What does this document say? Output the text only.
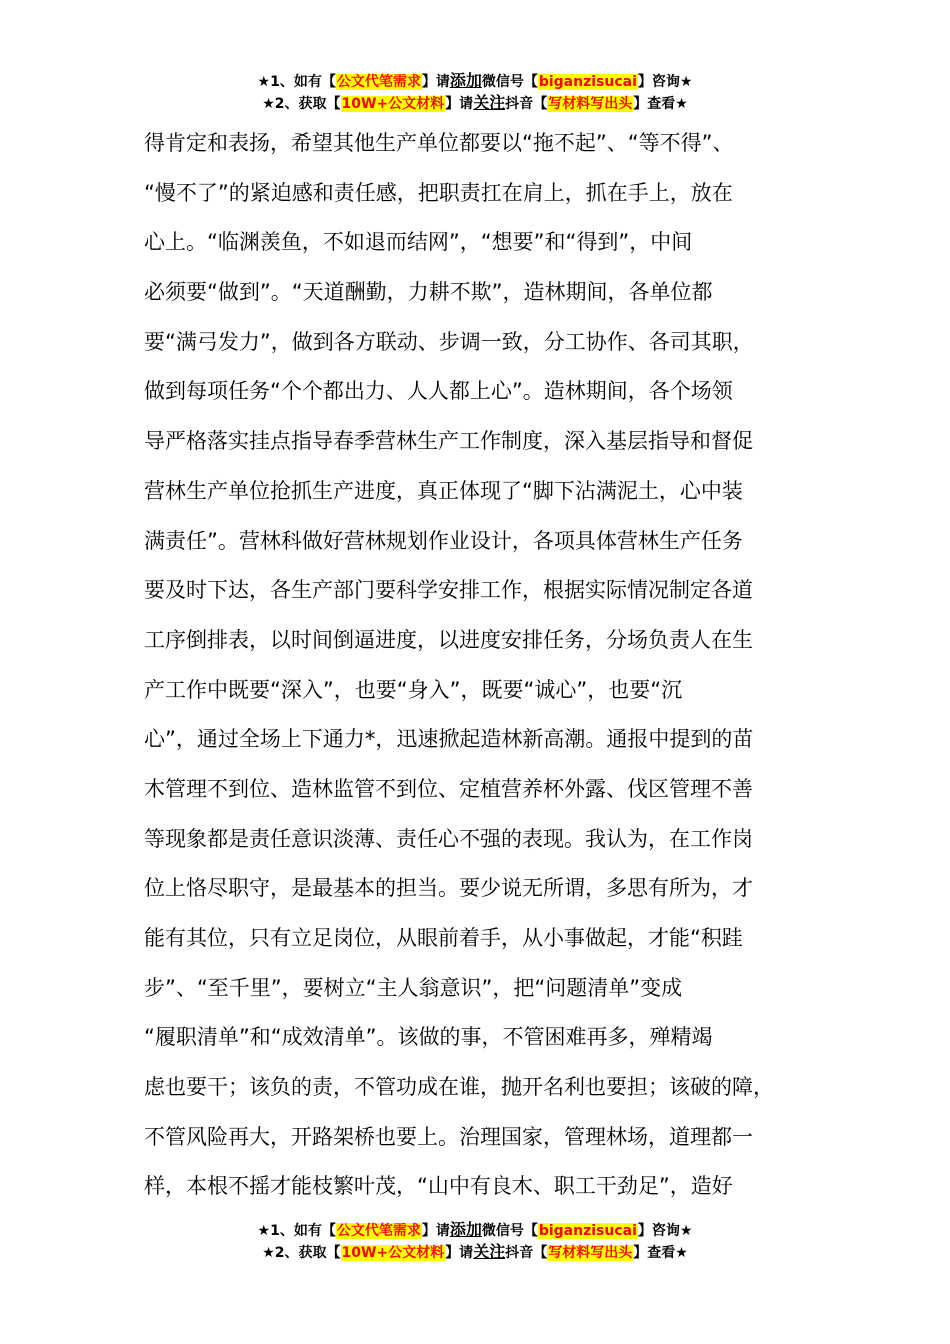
★1、如有【公文代笔需求】请添加微信号【biganzisucai】咨询★
★2、获取【10W+公文材料】请关注抖音【写材料写出头】查看★
得肯定和表扬，希望其他生产单位都要以“拖不起”、“等不得”、
“慢不了”的紧迫感和责任感，把职责扛在肩上，抓在手上，放在
心上。“临渊羡鱼，不如退而结网”，“想要”和“得到”，中间
必须要“做到”。“天道酬勤，力耕不欺”，造林期间，各单位都
要“满弓发力”，做到各方联动、步调一致，分工协作、各司其职，
做到每项任务“个个都出力、人人都上心”。造林期间，各个场领
导严格落实挂点指导春季营林生产工作制度，深入基层指导和督促
营林生产单位抢抓生产进度，真正体现了“脚下沾满泥土，心中装
满责任”。营林科做好营林规划作业设计，各项具体营林生产任务
要及时下达，各生产部门要科学安排工作，根据实际情况制定各道
工序倒排表，以时间倒逼进度，以进度安排任务，分场负责人在生
产工作中既要“深入”，也要“身入”，既要“诚心”，也要“沉
心”，通过全场上下通力*，迅速掀起造林新高潮。通报中提到的苗
木管理不到位、造林监管不到位、定植营养杯外露、伐区管理不善
等现象都是责任意识淡薄、责任心不强的表现。我认为，在工作岗
位上恪尽职守，是最基本的担当。要少说无所谓，多思有所为，才
能有其位，只有立足岗位，从眼前着手，从小事做起，才能“积跬
步”、“至千里”，要树立“主人翁意识”，把“问题清单”变成
“履职清单”和“成效清单”。该做的事，不管困难再多，殚精竭
虑也要干；该负的责，不管功成在谁，抛开名利也要担；该破的障，
不管风险再大，开路架桥也要上。治理国家，管理林场，道理都一
样，本根不摇才能枝繁叶茂，“山中有良木、职工干劲足”，造好
★1、如有【公文代笔需求】请添加微信号【biganzisucai】咨询★
★2、获取【10W+公文材料】请关注抖音【写材料写出头】查看★
